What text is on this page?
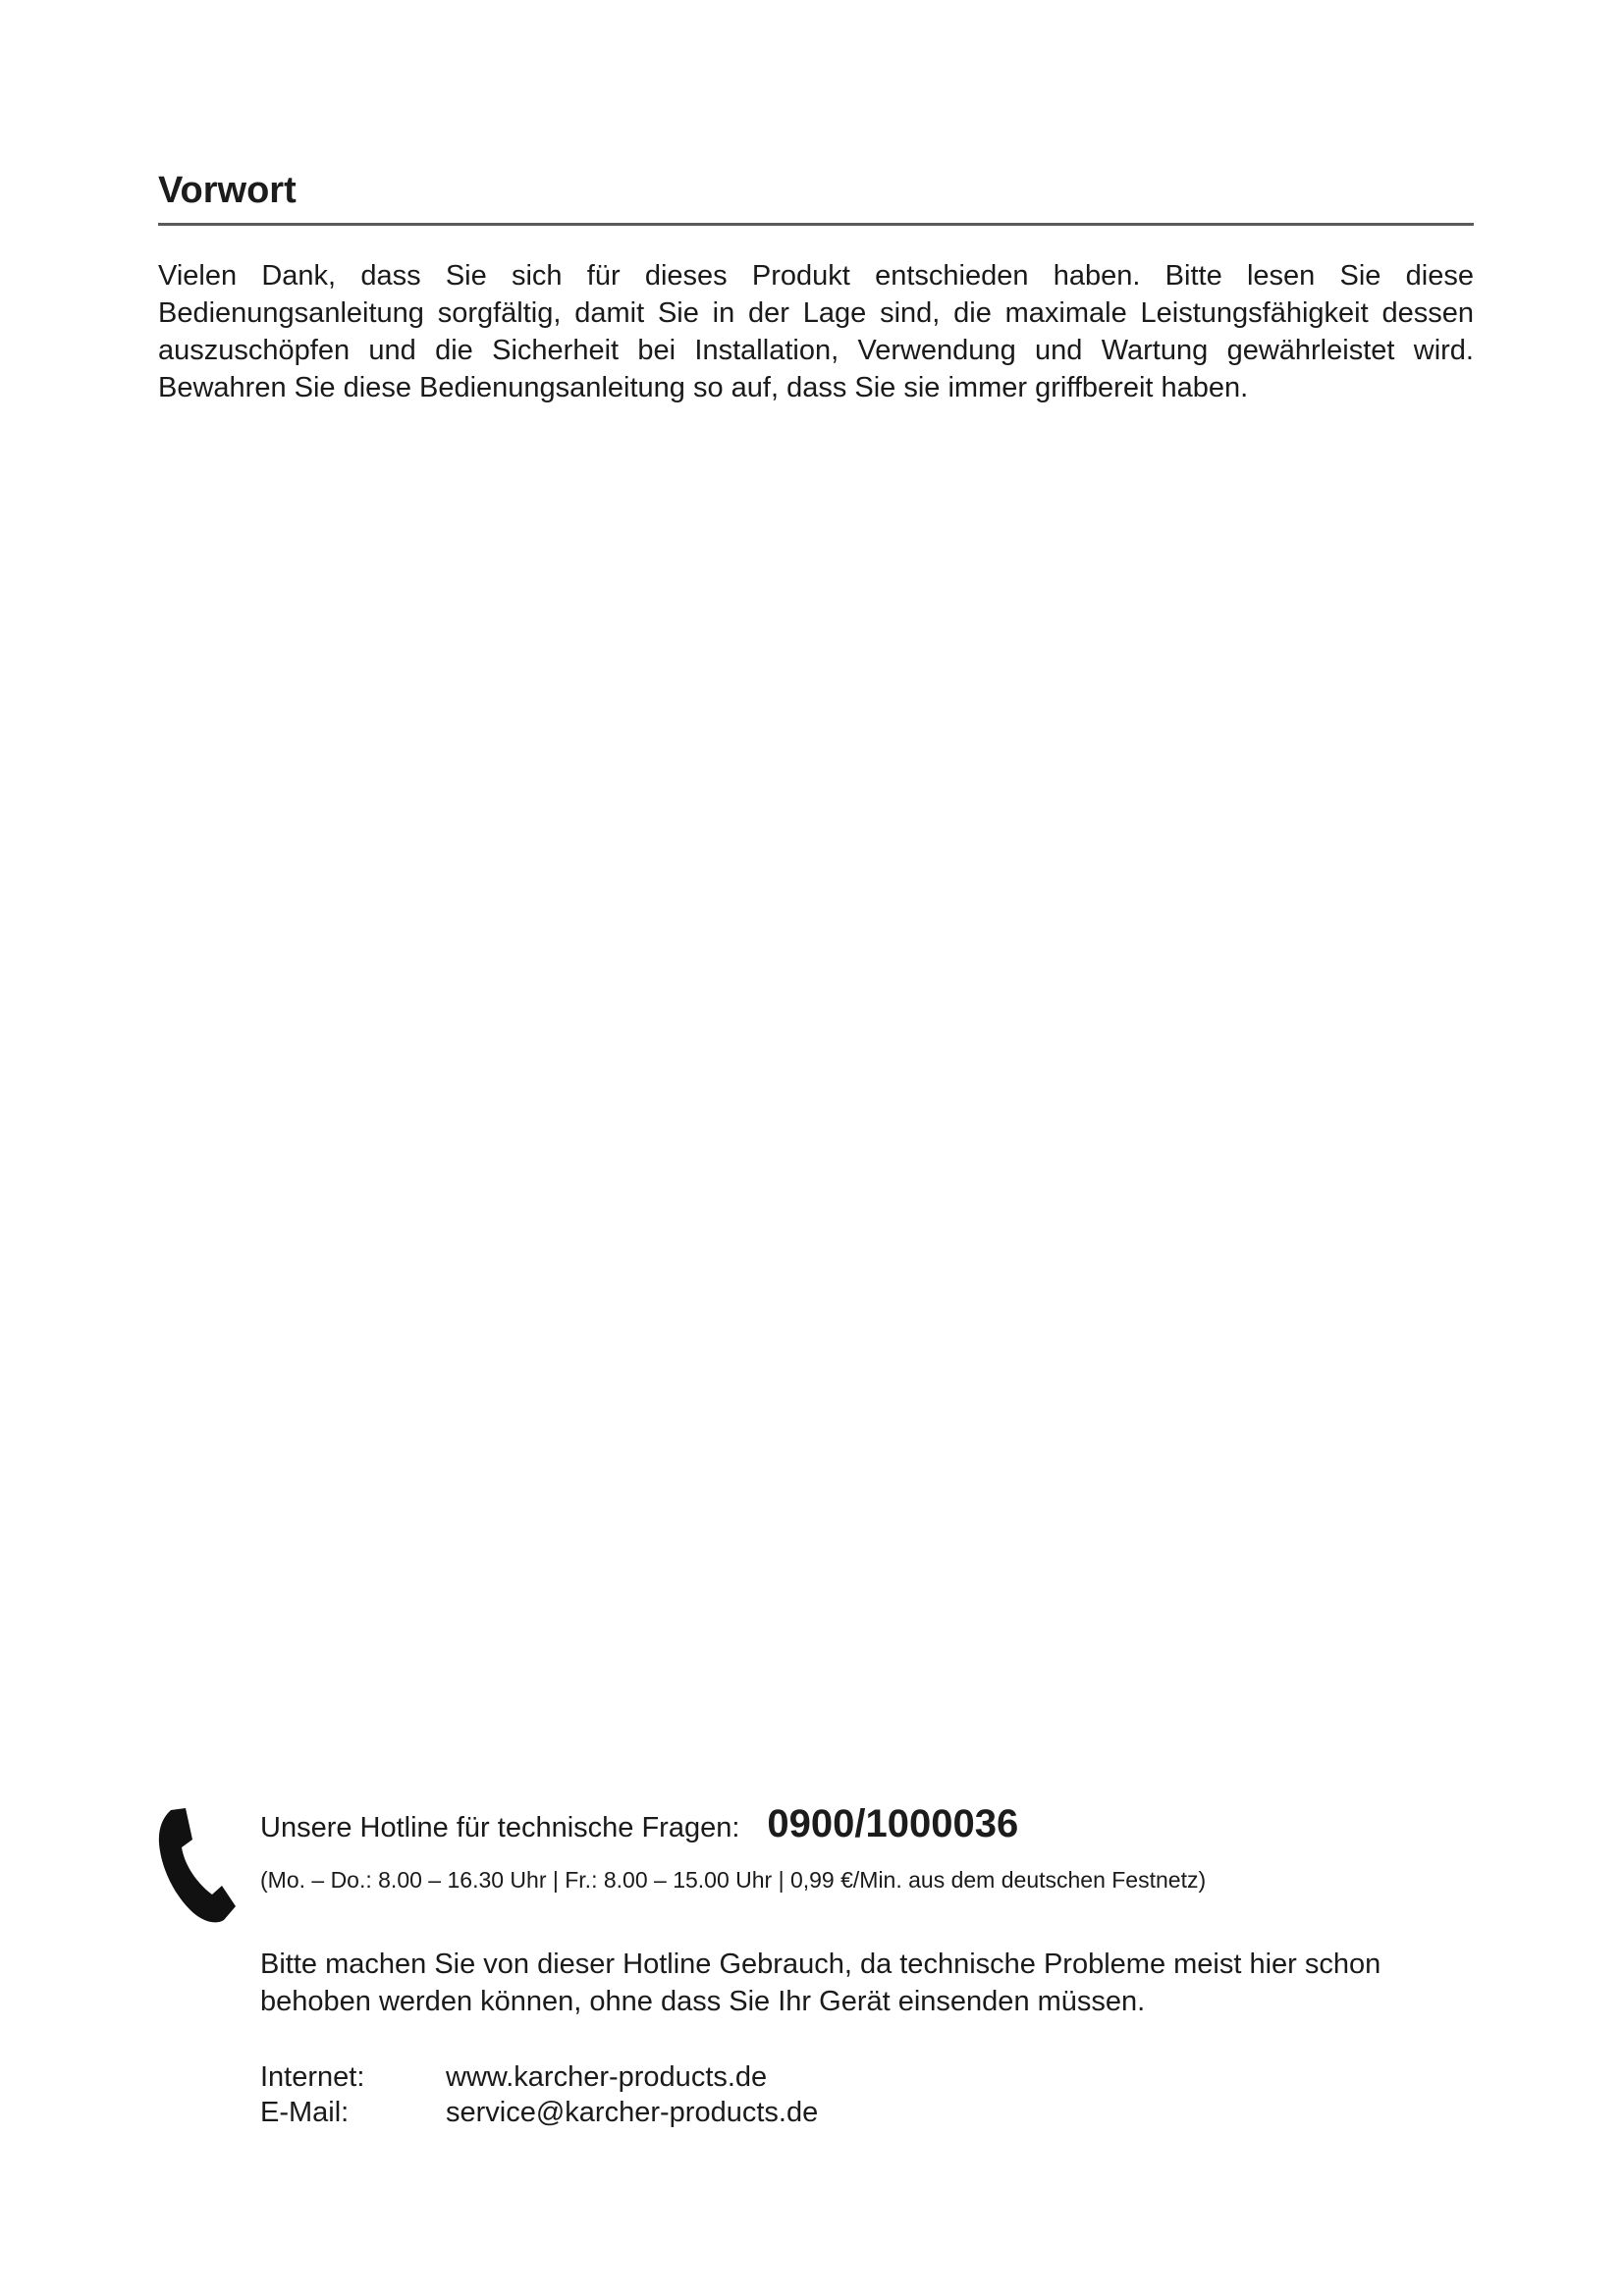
Vorwort

Vielen Dank, dass Sie sich für dieses Produkt entschieden haben. Bitte lesen Sie diese Bedienungsanleitung sorgfältig, damit Sie in der Lage sind, die maximale Leistungsfähigkeit dessen auszuschöpfen und die Sicherheit bei Installation, Verwendung und Wartung gewährleistet wird. Bewahren Sie diese Bedienungsanleitung so auf, dass Sie sie immer griffbereit haben.

Unsere Hotline für technische Fragen: 0900/1000036
(Mo. – Do.: 8.00 – 16.30 Uhr | Fr.: 8.00 – 15.00 Uhr | 0,99 €/Min. aus dem deutschen Festnetz)

Bitte machen Sie von dieser Hotline Gebrauch, da technische Probleme meist hier schon behoben werden können, ohne dass Sie Ihr Gerät einsenden müssen.

Internet:	www.karcher-products.de
E-Mail:	service@karcher-products.de
